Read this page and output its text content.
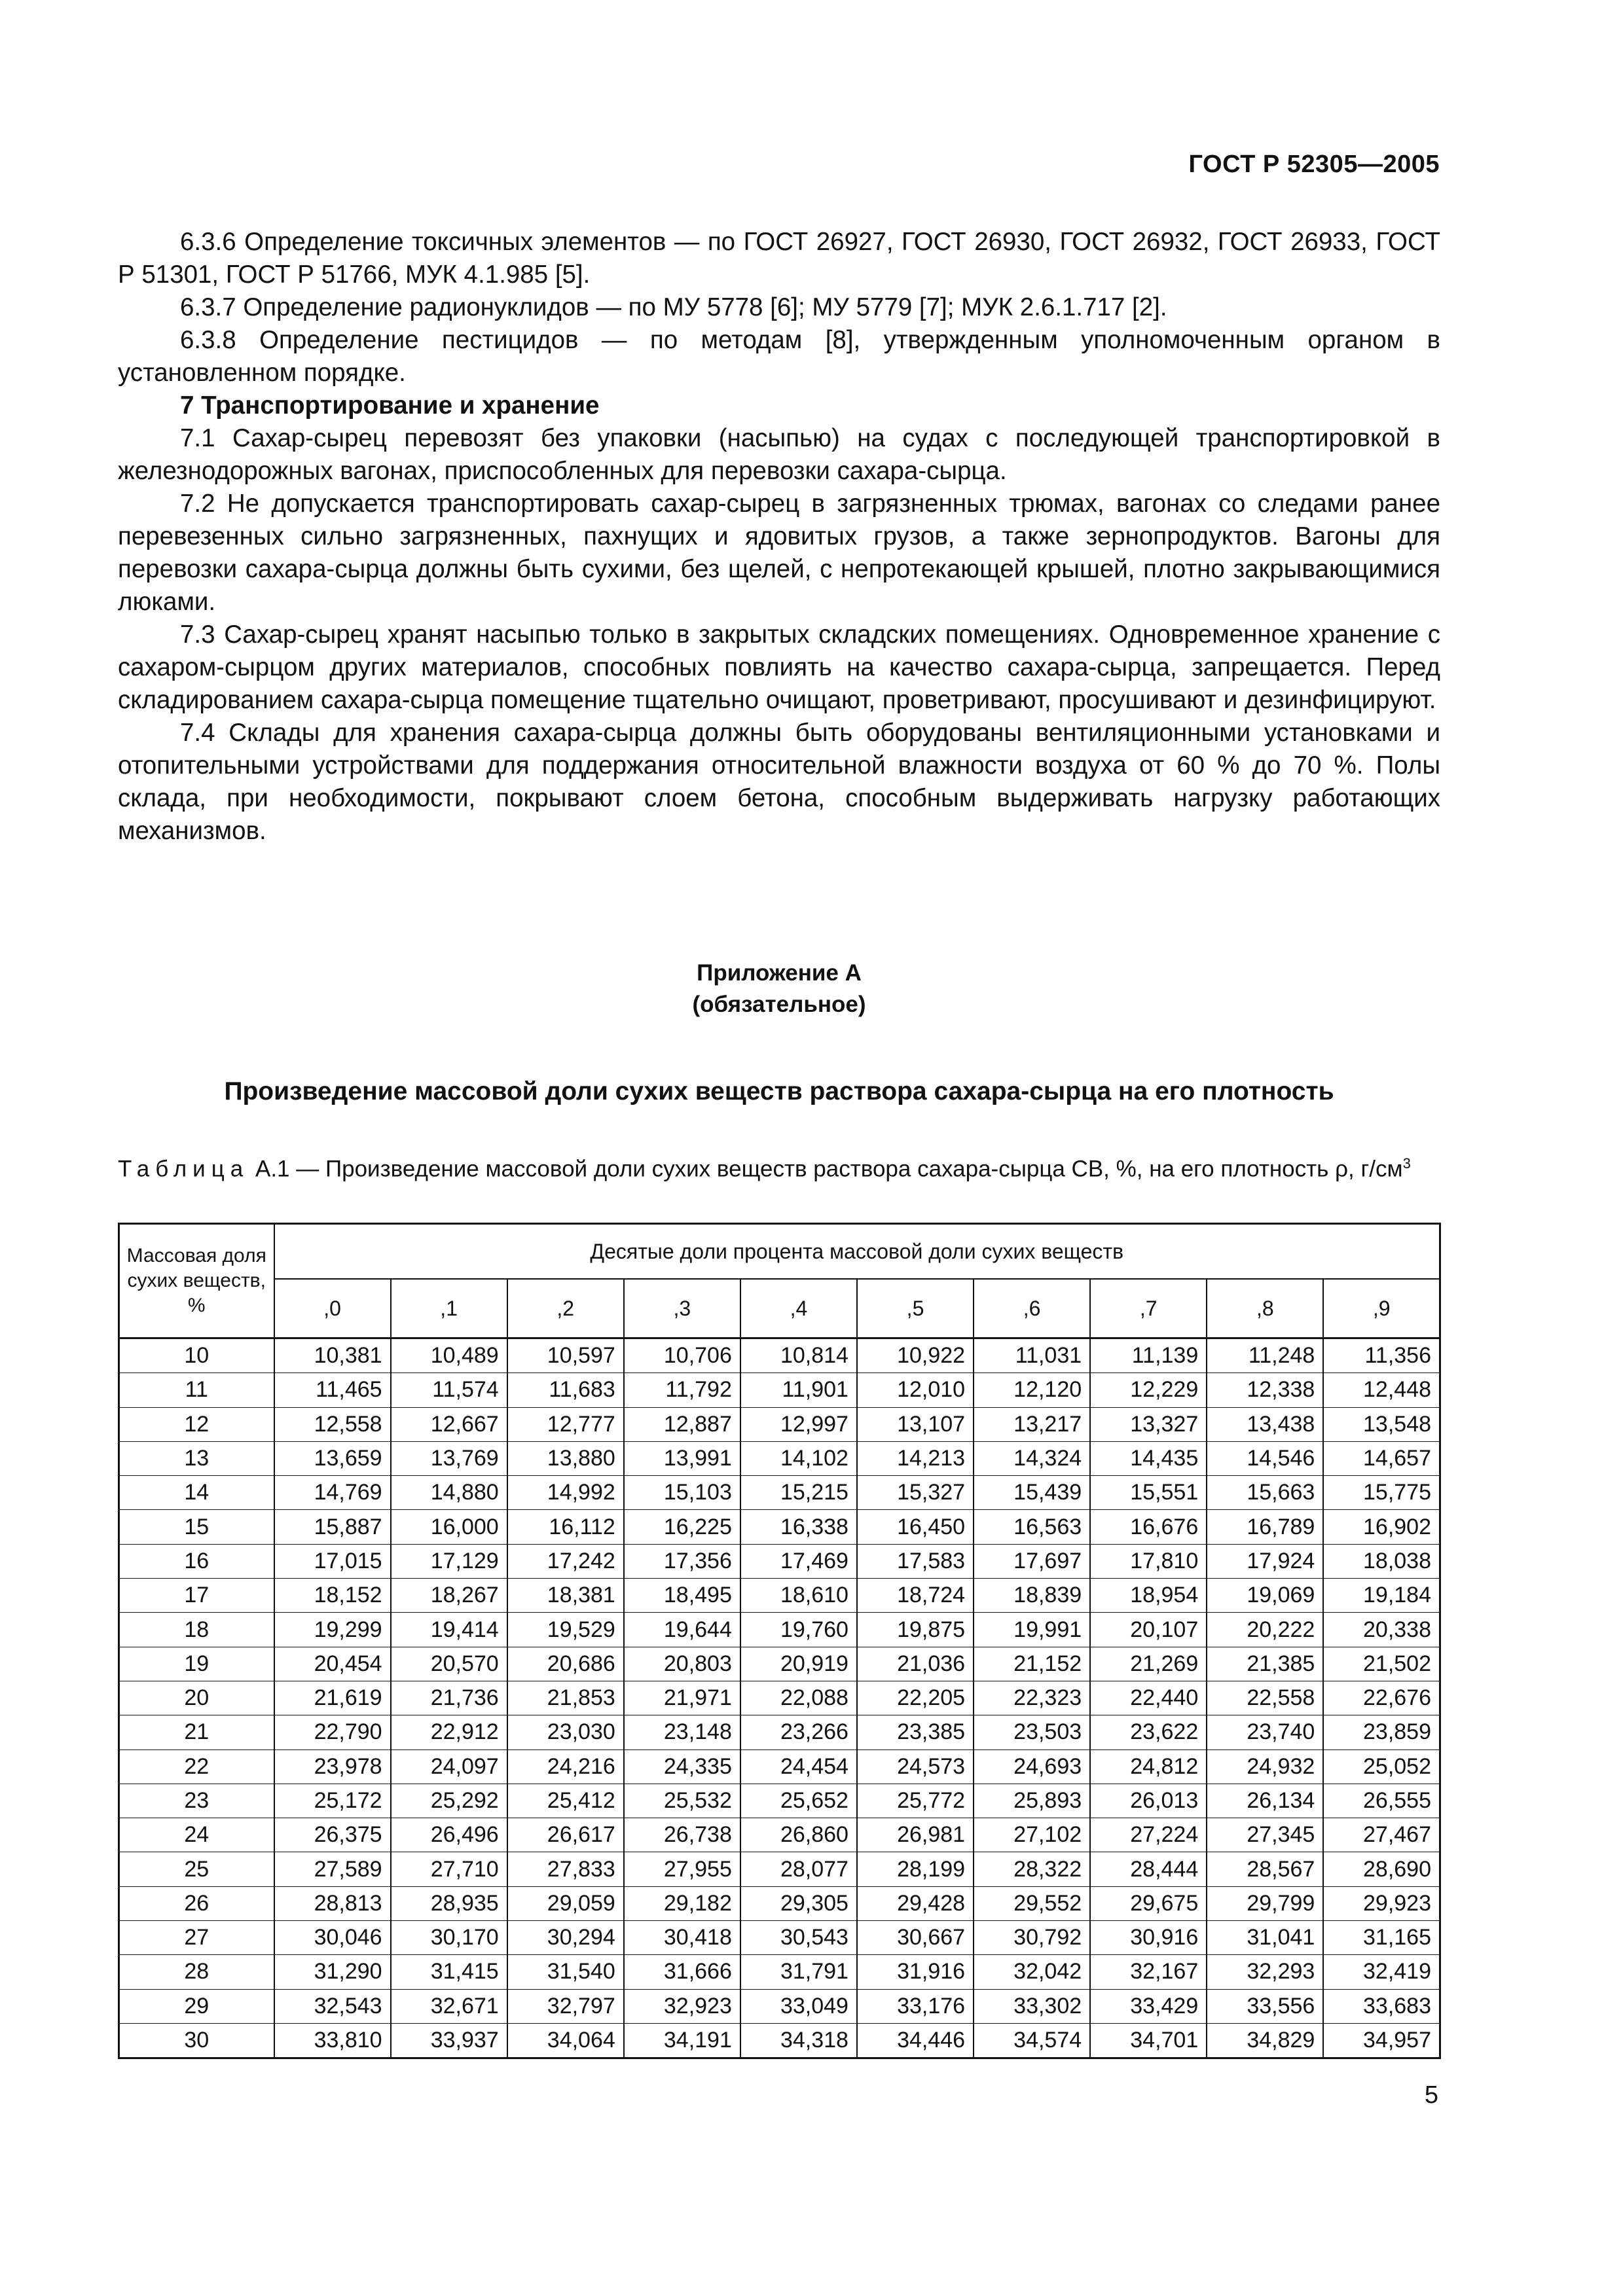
ГОСТ Р 52305—2005

6.3.6 Определение токсичных элементов — по ГОСТ 26927, ГОСТ 26930, ГОСТ 26932, ГОСТ 26933, ГОСТ Р 51301, ГОСТ Р 51766, МУК 4.1.985 [5].

6.3.7 Определение радионуклидов — по МУ 5778 [6]; МУ 5779 [7]; МУК 2.6.1.717 [2].

6.3.8 Определение пестицидов — по методам [8], утвержденным уполномоченным органом в установленном порядке.

7 Транспортирование и хранение

7.1 Сахар-сырец перевозят без упаковки (насыпью) на судах с последующей транспортировкой в железнодорожных вагонах, приспособленных для перевозки сахара-сырца.

7.2 Не допускается транспортировать сахар-сырец в загрязненных трюмах, вагонах со следами ранее перевезенных сильно загрязненных, пахнущих и ядовитых грузов, а также зернопродуктов. Вагоны для перевозки сахара-сырца должны быть сухими, без щелей, с непротекающей крышей, плотно закрывающимися люками.

7.3 Сахар-сырец хранят насыпью только в закрытых складских помещениях. Одновременное хранение с сахаром-сырцом других материалов, способных повлиять на качество сахара-сырца, запрещается. Перед складированием сахара-сырца помещение тщательно очищают, проветривают, просушивают и дезинфицируют.

7.4 Склады для хранения сахара-сырца должны быть оборудованы вентиляционными установками и отопительными устройствами для поддержания относительной влажности воздуха от 60 % до 70 %. Полы склада, при необходимости, покрывают слоем бетона, способным выдерживать нагрузку работающих механизмов.

Приложение А
(обязательное)
Произведение массовой доли сухих веществ раствора сахара-сырца на его плотность
Таблица А.1 — Произведение массовой доли сухих веществ раствора сахара-сырца СВ, %, на его плотность ρ, $г/см^3$
Массовая доля сухих веществ, %	Десятые доли процента массовой доли сухих веществ									
	,0	,1	,2	,3	,4	,5	,6	,7	,8	,9
10	10,381	10,489	10,597	10,706	10,814	10,922	11,031	11,139	11,248	11,356
11	11,465	11,574	11,683	11,792	11,901	12,010	12,120	12,229	12,338	12,448
12	12,558	12,667	12,777	12,887	12,997	13,107	13,217	13,327	13,438	13,548
13	13,659	13,769	13,880	13,991	14,102	14,213	14,324	14,435	14,546	14,657
14	14,769	14,880	14,992	15,103	15,215	15,327	15,439	15,551	15,663	15,775
15	15,887	16,000	16,112	16,225	16,338	16,450	16,563	16,676	16,789	16,902
16	17,015	17,129	17,242	17,356	17,469	17,583	17,697	17,810	17,924	18,038
17	18,152	18,267	18,381	18,495	18,610	18,724	18,839	18,954	19,069	19,184
18	19,299	19,414	19,529	19,644	19,760	19,875	19,991	20,107	20,222	20,338
19	20,454	20,570	20,686	20,803	20,919	21,036	21,152	21,269	21,385	21,502
20	21,619	21,736	21,853	21,971	22,088	22,205	22,323	22,440	22,558	22,676
21	22,790	22,912	23,030	23,148	23,266	23,385	23,503	23,622	23,740	23,859
22	23,978	24,097	24,216	24,335	24,454	24,573	24,693	24,812	24,932	25,052
23	25,172	25,292	25,412	25,532	25,652	25,772	25,893	26,013	26,134	26,555
24	26,375	26,496	26,617	26,738	26,860	26,981	27,102	27,224	27,345	27,467
25	27,589	27,710	27,833	27,955	28,077	28,199	28,322	28,444	28,567	28,690
26	28,813	28,935	29,059	29,182	29,305	29,428	29,552	29,675	29,799	29,923
27	30,046	30,170	30,294	30,418	30,543	30,667	30,792	30,916	31,041	31,165
28	31,290	31,415	31,540	31,666	31,791	31,916	32,042	32,167	32,293	32,419
29	32,543	32,671	32,797	32,923	33,049	33,176	33,302	33,429	33,556	33,683
30	33,810	33,937	34,064	34,191	34,318	34,446	34,574	34,701	34,829	34,957
5
